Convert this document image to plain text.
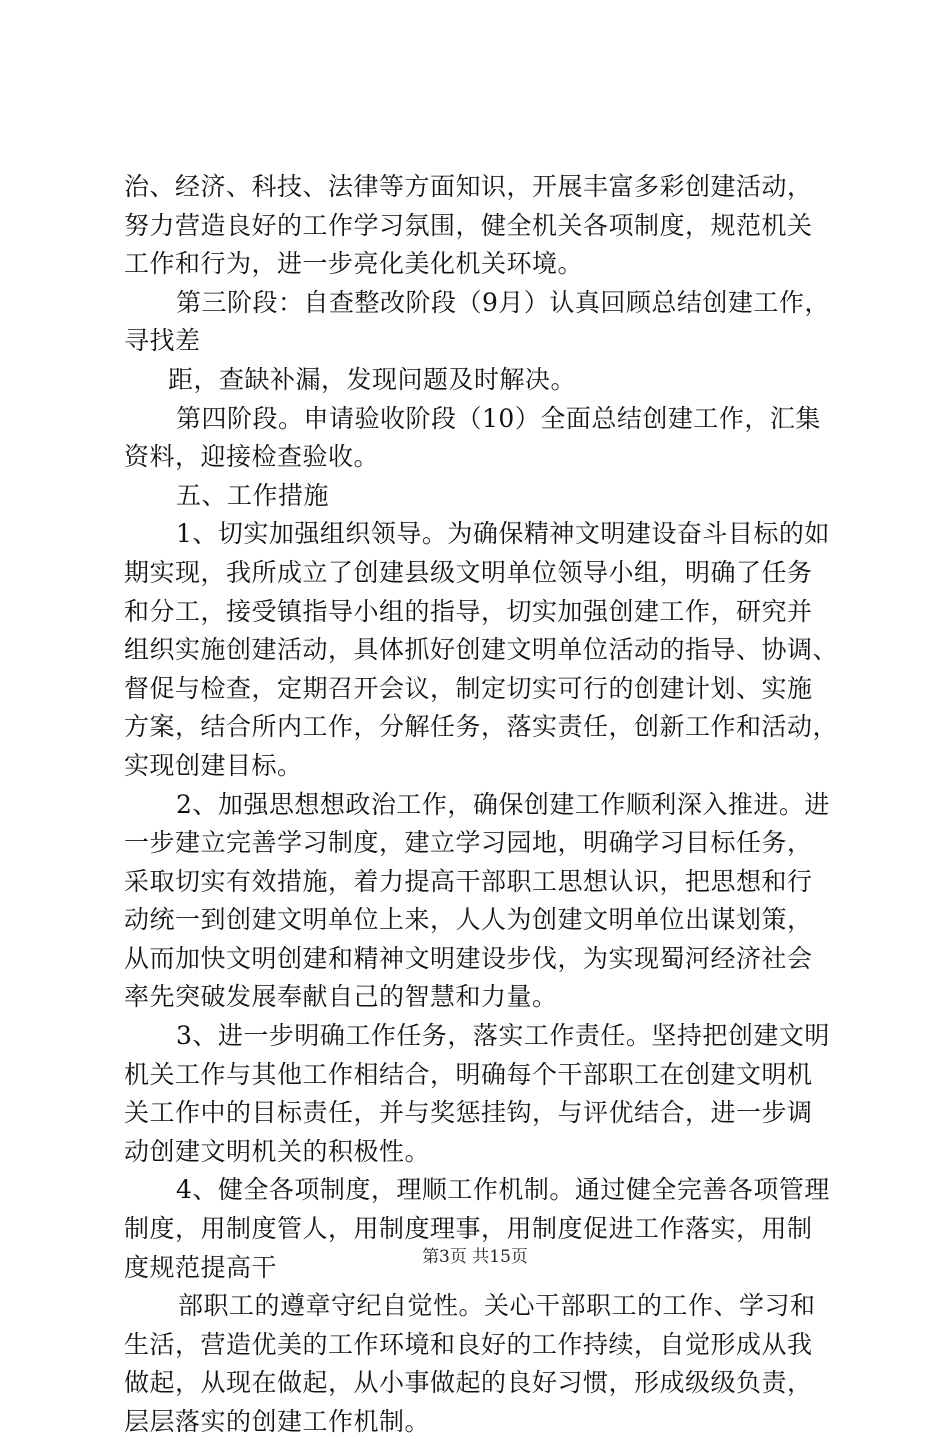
治、经济、科技、法律等方面知识，开展丰富多彩创建活动，
努力营造良好的工作学习氛围，健全机关各项制度，规范机关
工作和行为，进一步亮化美化机关环境。
第三阶段：自查整改阶段（9月）认真回顾总结创建工作，
寻找差
距，查缺补漏，发现问题及时解决。
第四阶段。申请验收阶段（10）全面总结创建工作，汇集
资料，迎接检查验收。
五、工作措施
1、切实加强组织领导。为确保精神文明建设奋斗目标的如
期实现，我所成立了创建县级文明单位领导小组，明确了任务
和分工，接受镇指导小组的指导，切实加强创建工作，研究并
组织实施创建活动，具体抓好创建文明单位活动的指导、协调、
督促与检查，定期召开会议，制定切实可行的创建计划、实施
方案，结合所内工作，分解任务，落实责任，创新工作和活动，
实现创建目标。
2、加强思想想政治工作，确保创建工作顺利深入推进。进
一步建立完善学习制度，建立学习园地，明确学习目标任务，
采取切实有效措施，着力提高干部职工思想认识，把思想和行
动统一到创建文明单位上来，人人为创建文明单位出谋划策，
从而加快文明创建和精神文明建设步伐，为实现蜀河经济社会
率先突破发展奉献自己的智慧和力量。
3、进一步明确工作任务，落实工作责任。坚持把创建文明
机关工作与其他工作相结合，明确每个干部职工在创建文明机
关工作中的目标责任，并与奖惩挂钩，与评优结合，进一步调
动创建文明机关的积极性。
4、健全各项制度，理顺工作机制。通过健全完善各项管理
制度，用制度管人，用制度理事，用制度促进工作落实，用制
度规范提高干
部职工的遵章守纪自觉性。关心干部职工的工作、学习和
生活，营造优美的工作环境和良好的工作持续，自觉形成从我
做起，从现在做起，从小事做起的良好习惯，形成级级负责，
层层落实的创建工作机制。
第3页 共15页
